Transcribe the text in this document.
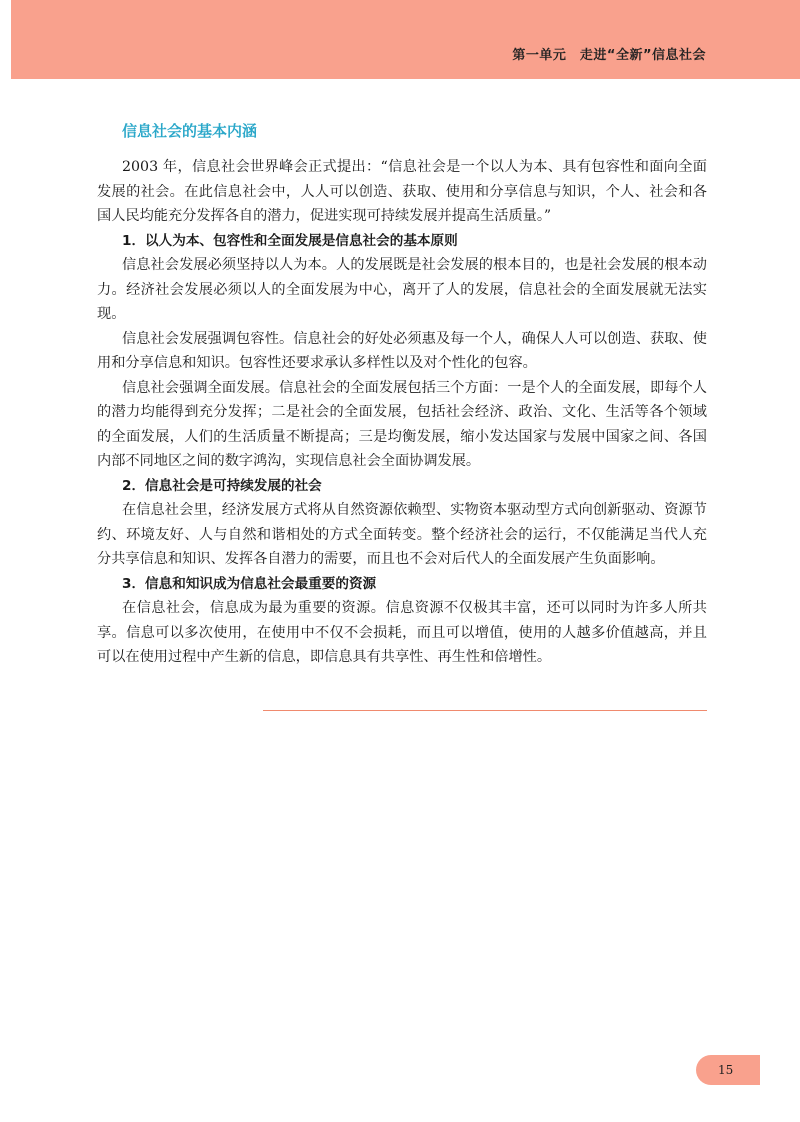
第一单元　走进“全新”信息社会
信息社会的基本内涵

2003 年，信息社会世界峰会正式提出：“信息社会是一个以人为本、具有包容性和面向全面发展的社会。在此信息社会中，人人可以创造、获取、使用和分享信息与知识，个人、社会和各国人民均能充分发挥各自的潜力，促进实现可持续发展并提高生活质量。”

1．以人为本、包容性和全面发展是信息社会的基本原则

信息社会发展必须坚持以人为本。人的发展既是社会发展的根本目的，也是社会发展的根本动力。经济社会发展必须以人的全面发展为中心，离开了人的发展，信息社会的全面发展就无法实现。

信息社会发展强调包容性。信息社会的好处必须惠及每一个人，确保人人可以创造、获取、使用和分享信息和知识。包容性还要求承认多样性以及对个性化的包容。

信息社会强调全面发展。信息社会的全面发展包括三个方面：一是个人的全面发展，即每个人的潜力均能得到充分发挥；二是社会的全面发展，包括社会经济、政治、文化、生活等各个领域的全面发展，人们的生活质量不断提高；三是均衡发展，缩小发达国家与发展中国家之间、各国内部不同地区之间的数字鸿沟，实现信息社会全面协调发展。

2．信息社会是可持续发展的社会

在信息社会里，经济发展方式将从自然资源依赖型、实物资本驱动型方式向创新驱动、资源节约、环境友好、人与自然和谐相处的方式全面转变。整个经济社会的运行，不仅能满足当代人充分共享信息和知识、发挥各自潜力的需要，而且也不会对后代人的全面发展产生负面影响。

3．信息和知识成为信息社会最重要的资源

在信息社会，信息成为最为重要的资源。信息资源不仅极其丰富，还可以同时为许多人所共享。信息可以多次使用，在使用中不仅不会损耗，而且可以增值，使用的人越多价值越高，并且可以在使用过程中产生新的信息，即信息具有共享性、再生性和倍增性。

15
